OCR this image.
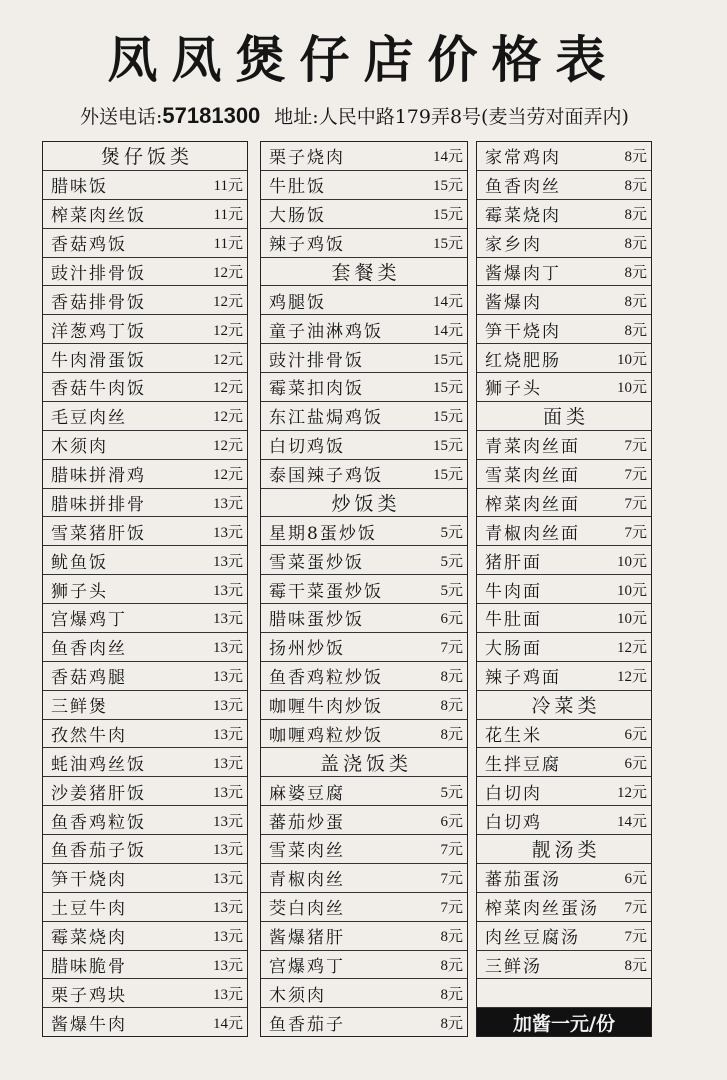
凤凤煲仔店价格表
外送电话:57181300 地址:人民中路179弄8号(麦当劳对面弄内)
煲仔饭类
腊味饭	11元
榨菜肉丝饭	11元
香菇鸡饭	11元
豉汁排骨饭	12元
香菇排骨饭	12元
洋葱鸡丁饭	12元
牛肉滑蛋饭	12元
香菇牛肉饭	12元
毛豆肉丝	12元
木须肉	12元
腊味拼滑鸡	12元
腊味拼排骨	13元
雪菜猪肝饭	13元
鱿鱼饭	13元
狮子头	13元
宫爆鸡丁	13元
鱼香肉丝	13元
香菇鸡腿	13元
三鲜煲	13元
孜然牛肉	13元
蚝油鸡丝饭	13元
沙姜猪肝饭	13元
鱼香鸡粒饭	13元
鱼香茄子饭	13元
笋干烧肉	13元
土豆牛肉	13元
霉菜烧肉	13元
腊味脆骨	13元
栗子鸡块	13元
酱爆牛肉	14元
栗子烧肉	14元
牛肚饭	15元
大肠饭	15元
辣子鸡饭	15元
套餐类
鸡腿饭	14元
童子油淋鸡饭	14元
豉汁排骨饭	15元
霉菜扣肉饭	15元
东江盐焗鸡饭	15元
白切鸡饭	15元
泰国辣子鸡饭	15元
炒饭类
星期8蛋炒饭	5元
雪菜蛋炒饭	5元
霉干菜蛋炒饭	5元
腊味蛋炒饭	6元
扬州炒饭	7元
鱼香鸡粒炒饭	8元
咖喱牛肉炒饭	8元
咖喱鸡粒炒饭	8元
盖浇饭类
麻婆豆腐	5元
蕃茄炒蛋	6元
雪菜肉丝	7元
青椒肉丝	7元
茭白肉丝	7元
酱爆猪肝	8元
宫爆鸡丁	8元
木须肉	8元
鱼香茄子	8元
家常鸡肉	8元
鱼香肉丝	8元
霉菜烧肉	8元
家乡肉	8元
酱爆肉丁	8元
酱爆肉	8元
笋干烧肉	8元
红烧肥肠	10元
狮子头	10元
面类
青菜肉丝面	7元
雪菜肉丝面	7元
榨菜肉丝面	7元
青椒肉丝面	7元
猪肝面	10元
牛肉面	10元
牛肚面	10元
大肠面	12元
辣子鸡面	12元
冷菜类
花生米	6元
生拌豆腐	6元
白切肉	12元
白切鸡	14元
靓汤类
蕃茄蛋汤	6元
榨菜肉丝蛋汤	7元
肉丝豆腐汤	7元
三鲜汤	8元
加酱一元/份
